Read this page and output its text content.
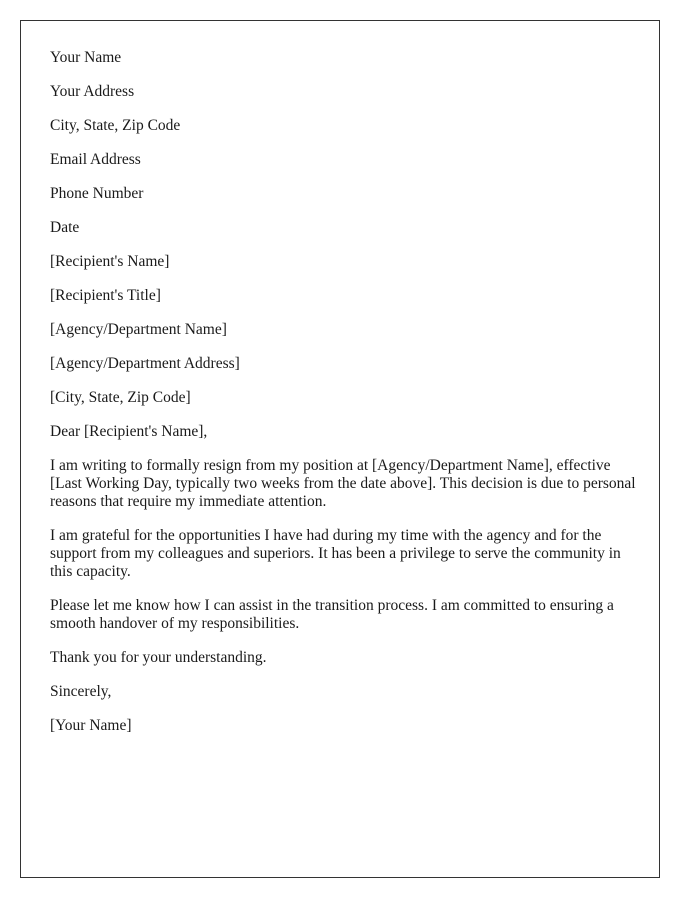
Your Name

Your Address

City, State, Zip Code

Email Address

Phone Number

Date

[Recipient's Name]

[Recipient's Title]

[Agency/Department Name]

[Agency/Department Address]

[City, State, Zip Code]

Dear [Recipient's Name],

I am writing to formally resign from my position at [Agency/Department Name], effective [Last Working Day, typically two weeks from the date above]. This decision is due to personal reasons that require my immediate attention.

I am grateful for the opportunities I have had during my time with the agency and for the support from my colleagues and superiors. It has been a privilege to serve the community in this capacity.

Please let me know how I can assist in the transition process. I am committed to ensuring a smooth handover of my responsibilities.

Thank you for your understanding.

Sincerely,

[Your Name]
